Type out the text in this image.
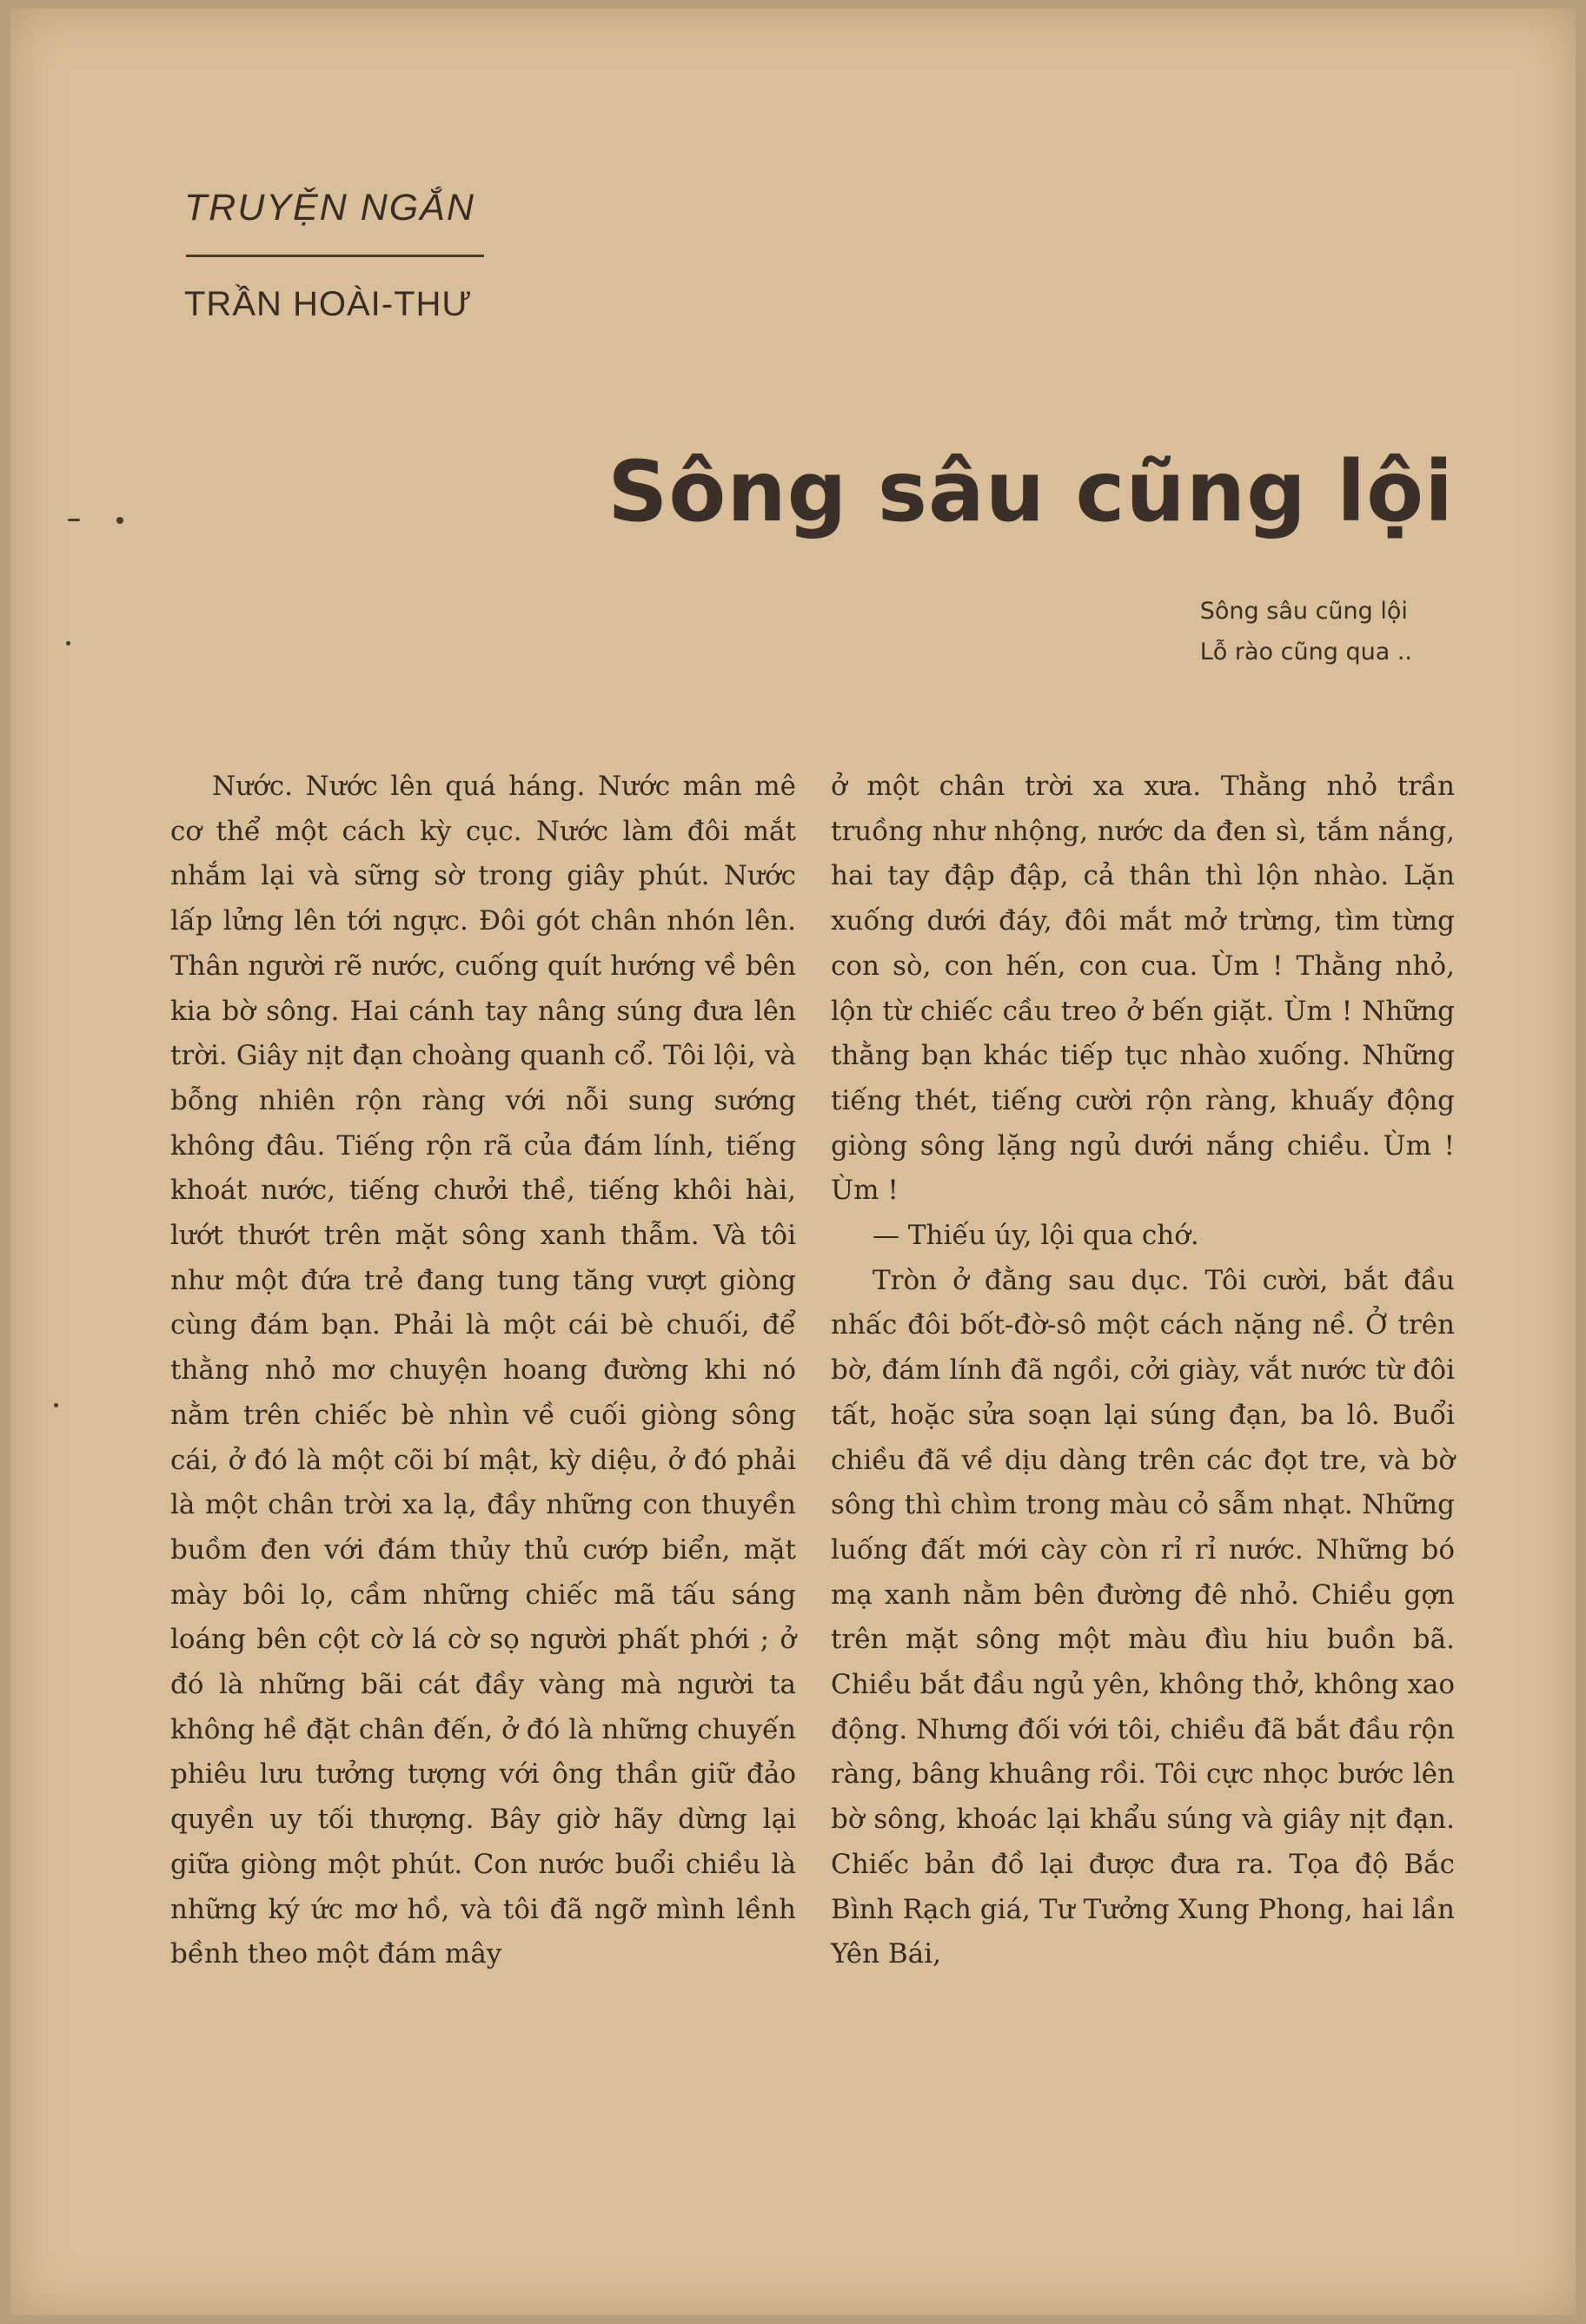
TRUYỆN NGẮN
TRẦN HOÀI-THƯ
Sông sâu cũng lội
Sông sâu cũng lội
Lỗ rào cũng qua ..

Nước. Nước lên quá háng. Nước mân mê cơ thể một cách kỳ cục. Nước làm đôi mắt nhắm lại và sững sờ trong giây phút. Nước lấp lửng lên tới ngực. Đôi gót chân nhón lên. Thân người rẽ nước, cuống quít hướng về bên kia bờ sông. Hai cánh tay nâng súng đưa lên trời. Giây nịt đạn choàng quanh cổ. Tôi lội, và bỗng nhiên rộn ràng với nỗi sung sướng không đâu. Tiếng rộn rã của đám lính, tiếng khoát nước, tiếng chưởi thề, tiếng khôi hài, lướt thướt trên mặt sông xanh thẫm. Và tôi như một đứa trẻ đang tung tăng vượt giòng cùng đám bạn. Phải là một cái bè chuối, để thằng nhỏ mơ chuyện hoang đường khi nó nằm trên chiếc bè nhìn về cuối giòng sông cái, ở đó là một cõi bí mật, kỳ diệu, ở đó phải là một chân trời xa lạ, đầy những con thuyền buồm đen với đám thủy thủ cướp biển, mặt mày bôi lọ, cầm những chiếc mã tấu sáng loáng bên cột cờ lá cờ sọ người phất phới ; ở đó là những bãi cát đầy vàng mà người ta không hề đặt chân đến, ở đó là những chuyến phiêu lưu tưởng tượng với ông thần giữ đảo quyền uy tối thượng. Bây giờ hãy dừng lại giữa giòng một phút. Con nước buổi chiều là những ký ức mơ hồ, và tôi đã ngỡ mình lềnh bềnh theo một đám mây

ở một chân trời xa xưa. Thằng nhỏ trần truồng như nhộng, nước da đen sì, tắm nắng, hai tay đập đập, cả thân thì lộn nhào. Lặn xuống dưới đáy, đôi mắt mở trừng, tìm từng con sò, con hến, con cua. Ùm ! Thằng nhỏ, lộn từ chiếc cầu treo ở bến giặt. Ùm ! Những thằng bạn khác tiếp tục nhào xuống. Những tiếng thét, tiếng cười rộn ràng, khuấy động giòng sông lặng ngủ dưới nắng chiều. Ùm ! Ùm !

— Thiếu úy, lội qua chớ.

Tròn ở đằng sau dục. Tôi cười, bắt đầu nhấc đôi bốt-đờ-sô một cách nặng nề. Ở trên bờ, đám lính đã ngồi, cởi giày, vắt nước từ đôi tất, hoặc sửa soạn lại súng đạn, ba lô. Buổi chiều đã về dịu dàng trên các đọt tre, và bờ sông thì chìm trong màu cỏ sẫm nhạt. Những luống đất mới cày còn rỉ rỉ nước. Những bó mạ xanh nằm bên đường đê nhỏ. Chiều gợn trên mặt sông một màu đìu hiu buồn bã. Chiều bắt đầu ngủ yên, không thở, không xao động. Nhưng đối với tôi, chiều đã bắt đầu rộn ràng, bâng khuâng rồi. Tôi cực nhọc bước lên bờ sông, khoác lại khẩu súng và giây nịt đạn. Chiếc bản đồ lại được đưa ra. Tọa độ Bắc Bình Rạch giá, Tư Tưởng Xung Phong, hai lần Yên Bái,
